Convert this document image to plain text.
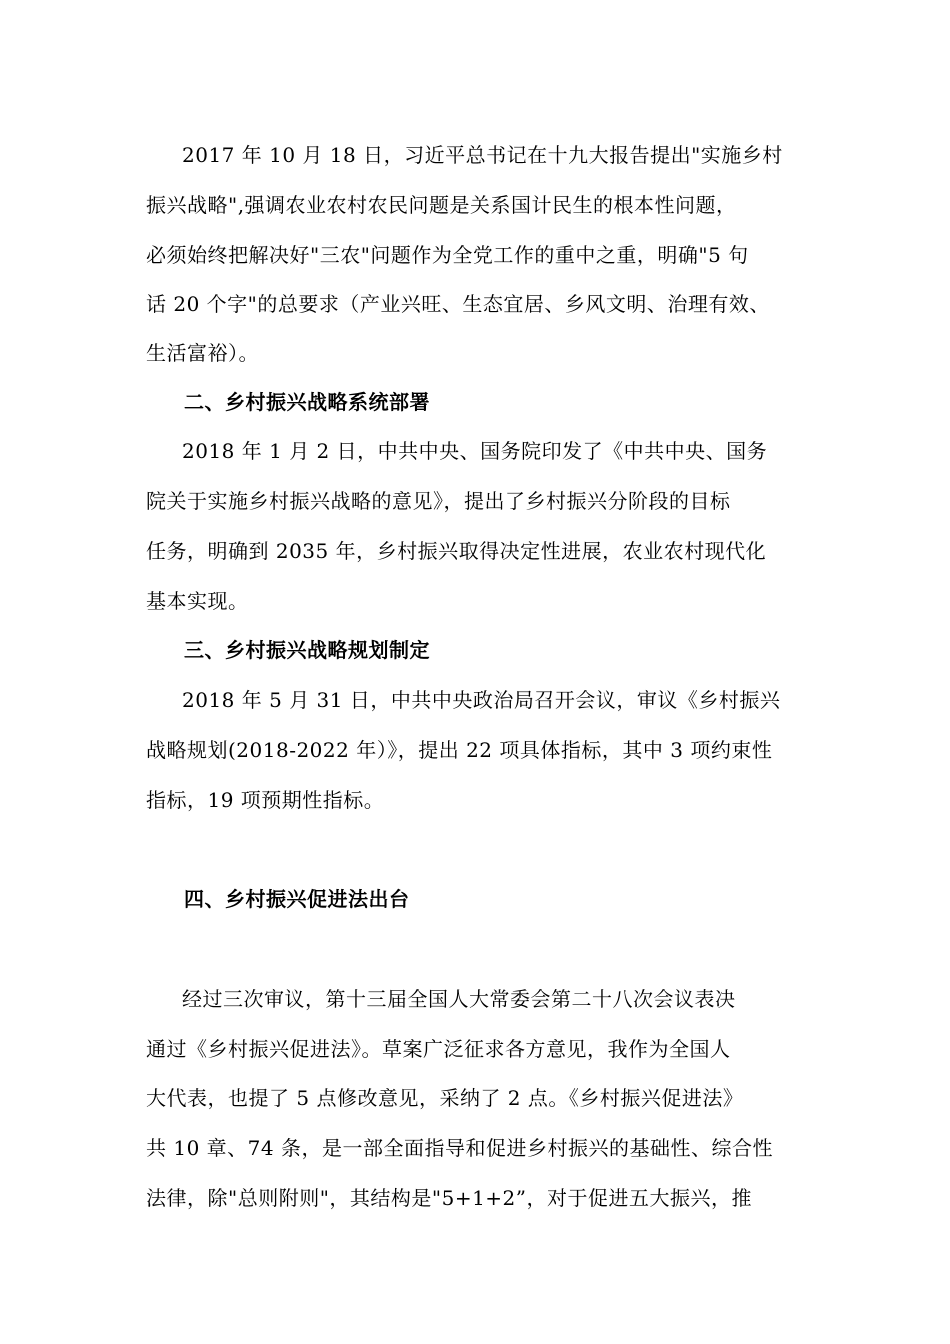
2017 年 10 月 18 日，习近平总书记在十九大报告提出"实施乡村
振兴战略",强调农业农村农民问题是关系国计民生的根本性问题，
必须始终把解决好"三农"问题作为全党工作的重中之重，明确"5 句
话 20 个字"的总要求（产业兴旺、生态宜居、乡风文明、治理有效、
生活富裕）。
二、乡村振兴战略系统部署
2018 年 1 月 2 日，中共中央、国务院印发了《中共中央、国务
院关于实施乡村振兴战略的意见》，提出了乡村振兴分阶段的目标
任务，明确到 2035 年，乡村振兴取得决定性进展，农业农村现代化
基本实现。
三、乡村振兴战略规划制定
2018 年 5 月 31 日，中共中央政治局召开会议，审议《乡村振兴
战略规划(2018-2022 年）》，提出 22 项具体指标，其中 3 项约束性
指标，19 项预期性指标。
四、乡村振兴促进法出台
经过三次审议，第十三届全国人大常委会第二十八次会议表决
通过《乡村振兴促进法》。草案广泛征求各方意见，我作为全国人
大代表，也提了 5 点修改意见，采纳了 2 点。《乡村振兴促进法》
共 10 章、74 条，是一部全面指导和促进乡村振兴的基础性、综合性
法律，除"总则附则"，其结构是"5+1+2”，对于促进五大振兴，推
